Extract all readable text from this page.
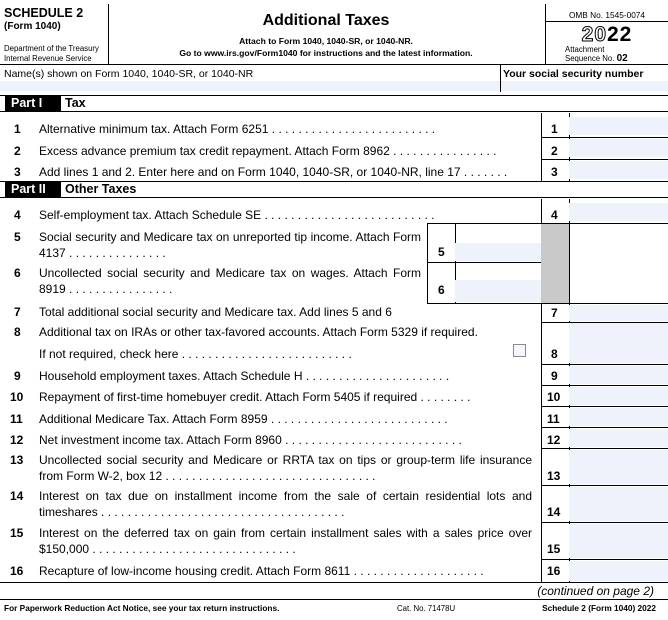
SCHEDULE 2
(Form 1040)
Department of the Treasury
Internal Revenue Service
Additional Taxes
Attach to Form 1040, 1040-SR, or 1040-NR.
Go to www.irs.gov/Form1040 for instructions and the latest information.
OMB No. 1545-0074
2022
Attachment
Sequence No. 02
Name(s) shown on Form 1040, 1040-SR, or 1040-NR	Your social security number
Part I	Tax
1 Alternative minimum tax. Attach Form 6251 . . . . . . . . . . . . . . . . . . . . . . . . .	1
2 Excess advance premium tax credit repayment. Attach Form 8962 . . . . . . . . . . . . . . . .	2
3 Add lines 1 and 2. Enter here and on Form 1040, 1040-SR, or 1040-NR, line 17 . . . . . . .	3
Part II	Other Taxes
4 Self-employment tax. Attach Schedule SE . . . . . . . . . . . . . . . . . . . . . . . . . .	4
5 Social security and Medicare tax on unreported tip income. Attach Form 4137 . . . . . . . . . . . . . . .	5
6 Uncollected social security and Medicare tax on wages. Attach Form 8919 . . . . . . . . . . . . . . . .	6
7 Total additional social security and Medicare tax. Add lines 5 and 6	7
8 Additional tax on IRAs or other tax-favored accounts. Attach Form 5329 if required.
If not required, check here . . . . . . . . . . . . . . . . . . . . . . . . . .	8
9 Household employment taxes. Attach Schedule H . . . . . . . . . . . . . . . . . . . . . .	9
10 Repayment of first-time homebuyer credit. Attach Form 5405 if required . . . . . . . .	10
11 Additional Medicare Tax. Attach Form 8959 . . . . . . . . . . . . . . . . . . . . . . . . . . .	11
12 Net investment income tax. Attach Form 8960 . . . . . . . . . . . . . . . . . . . . . . . . . . .	12
13 Uncollected social security and Medicare or RRTA tax on tips or group-term life insurance from Form W-2, box 12 . . . . . . . . . . . . . . . . . . . . . . . . . . . . . . . .	13
14 Interest on tax due on installment income from the sale of certain residential lots and timeshares . . . . . . . . . . . . . . . . . . . . . . . . . . . . . . . . . . . . .	14
15 Interest on the deferred tax on gain from certain installment sales with a sales price over $150,000 . . . . . . . . . . . . . . . . . . . . . . . . . . . . . . .	15
16 Recapture of low-income housing credit. Attach Form 8611 . . . . . . . . . . . . . . . . . . . .	16
(continued on page 2)
For Paperwork Reduction Act Notice, see your tax return instructions.	Cat. No. 71478U	Schedule 2 (Form 1040) 2022
